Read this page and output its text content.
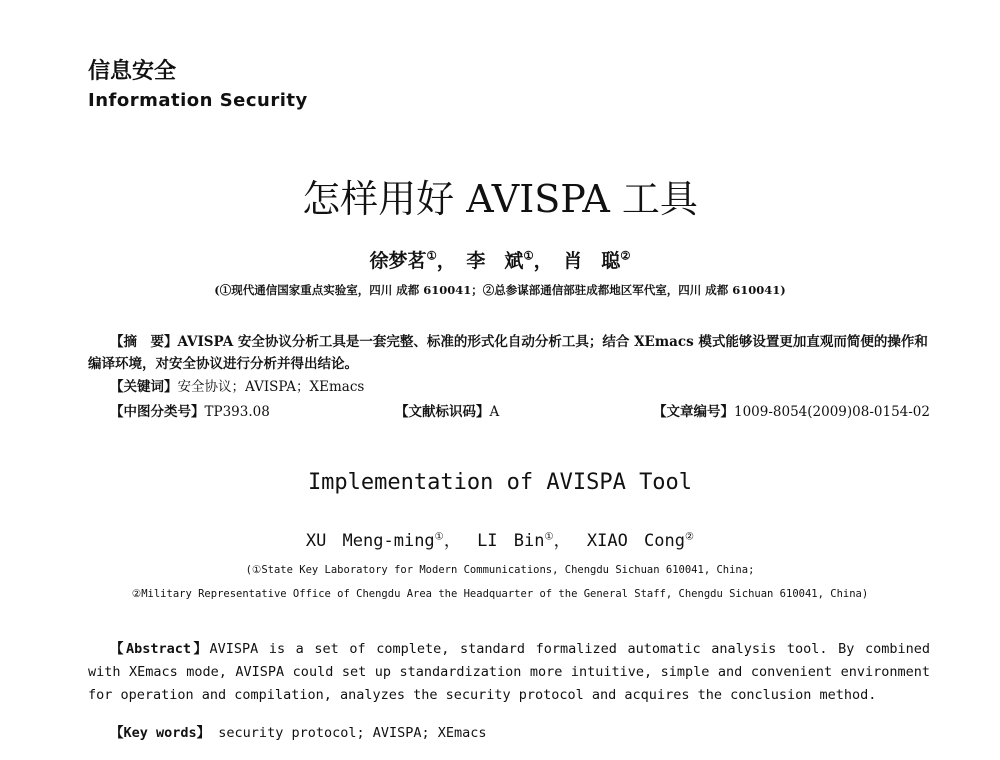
信息安全
Information Security
怎样用好 AVISPA 工具
徐梦茗①， 李　斌①， 肖　聪②
(①现代通信国家重点实验室，四川 成都 610041；②总参谋部通信部驻成都地区军代室，四川 成都 610041)
【摘　要】AVISPA 安全协议分析工具是一套完整、标准的形式化自动分析工具；结合 XEmacs 模式能够设置更加直观而简便的操作和编译环境，对安全协议进行分析并得出结论。
【关键词】安全协议；AVISPA；XEmacs
【中图分类号】TP393.08	【文献标识码】A	【文章编号】1009-8054(2009)08-0154-02
Implementation of AVISPA Tool
XU Meng-ming①， LI Bin①， XIAO Cong②
(①State Key Laboratory for Modern Communications, Chengdu Sichuan 610041, China;
②Military Representative Office of Chengdu Area the Headquarter of the General Staff, Chengdu Sichuan 610041, China)
【Abstract】AVISPA is a set of complete, standard formalized automatic analysis tool. By combined with XEmacs mode, AVISPA could set up standardization more intuitive, simple and convenient environment for operation and compilation, analyzes the security protocol and acquires the conclusion method.
【Key words】 security protocol; AVISPA; XEmacs
